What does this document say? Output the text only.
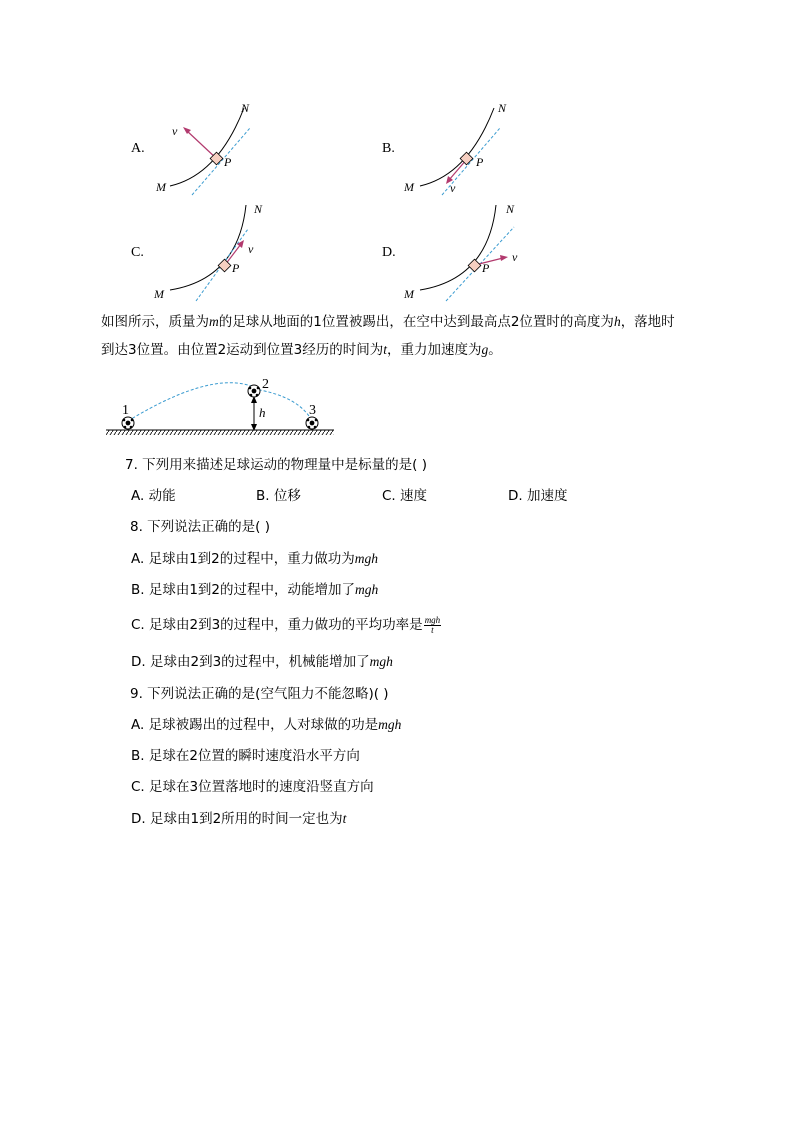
A.
N
M
P
v
B.
N
M
P
v
C.
N
M
P
v	D.
N
M
P
v
如图所示，质量为m的足球从地面的1位置被踢出，在空中达到最高点2位置时的高度为h，落地时
到达3位置。由位置2运动到位置3经历的时间为t，重力加速度为g。
1
2
3
h
7. 下列用来描述足球运动的物理量中是标量的是( )
A. 动能	B. 位移	C. 速度	D. 加速度
8. 下列说法正确的是( )
A. 足球由1到2的过程中，重力做功为mgh
B. 足球由1到2的过程中，动能增加了mgh
C. 足球由2到3的过程中，重力做功的平均功率是 $\frac{\text{mgh}}{t}$
D. 足球由2到3的过程中，机械能增加了mgh
9. 下列说法正确的是(空气阻力不能忽略)( )
A. 足球被踢出的过程中，人对球做的功是mgh
B. 足球在2位置的瞬时速度沿水平方向
C. 足球在3位置落地时的速度沿竖直方向
D. 足球由1到2所用的时间一定也为t
